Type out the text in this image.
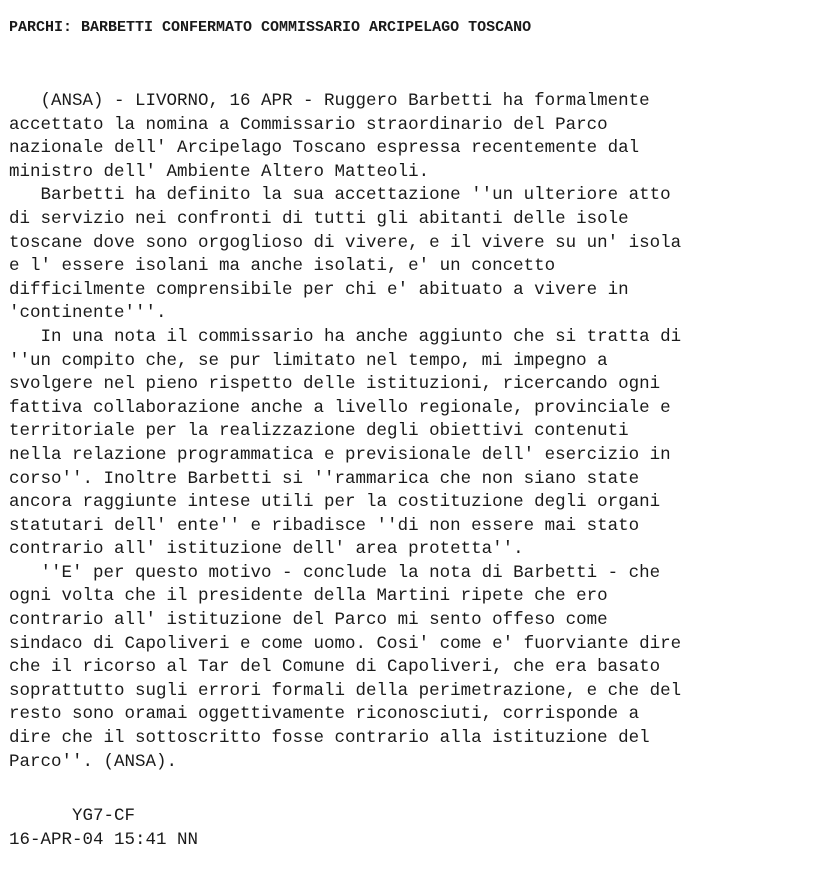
PARCHI: BARBETTI CONFERMATO COMMISSARIO ARCIPELAGO TOSCANO

(ANSA) - LIVORNO, 16 APR - Ruggero Barbetti ha formalmente

accettato la nomina a Commissario straordinario del Parco

nazionale dell' Arcipelago Toscano espressa recentemente dal

ministro dell' Ambiente Altero Matteoli.

Barbetti ha definito la sua accettazione ''un ulteriore atto

di servizio nei confronti di tutti gli abitanti delle isole

toscane dove sono orgoglioso di vivere, e il vivere su un' isola

e l' essere isolani ma anche isolati, e' un concetto

difficilmente comprensibile per chi e' abituato a vivere in

'continente'''.

In una nota il commissario ha anche aggiunto che si tratta di

''un compito che, se pur limitato nel tempo, mi impegno a

svolgere nel pieno rispetto delle istituzioni, ricercando ogni

fattiva collaborazione anche a livello regionale, provinciale e

territoriale per la realizzazione degli obiettivi contenuti

nella relazione programmatica e previsionale dell' esercizio in

corso''. Inoltre Barbetti si ''rammarica che non siano state

ancora raggiunte intese utili per la costituzione degli organi

statutari dell' ente'' e ribadisce ''di non essere mai stato

contrario all' istituzione dell' area protetta''.

''E' per questo motivo - conclude la nota di Barbetti - che

ogni volta che il presidente della Martini ripete che ero

contrario all' istituzione del Parco mi sento offeso come

sindaco di Capoliveri e come uomo. Cosi' come e' fuorviante dire

che il ricorso al Tar del Comune di Capoliveri, che era basato

soprattutto sugli errori formali della perimetrazione, e che del

resto sono oramai oggettivamente riconosciuti, corrisponde a

dire che il sottoscritto fosse contrario alla istituzione del

Parco''. (ANSA).

YG7-CF

16-APR-04 15:41 NN
